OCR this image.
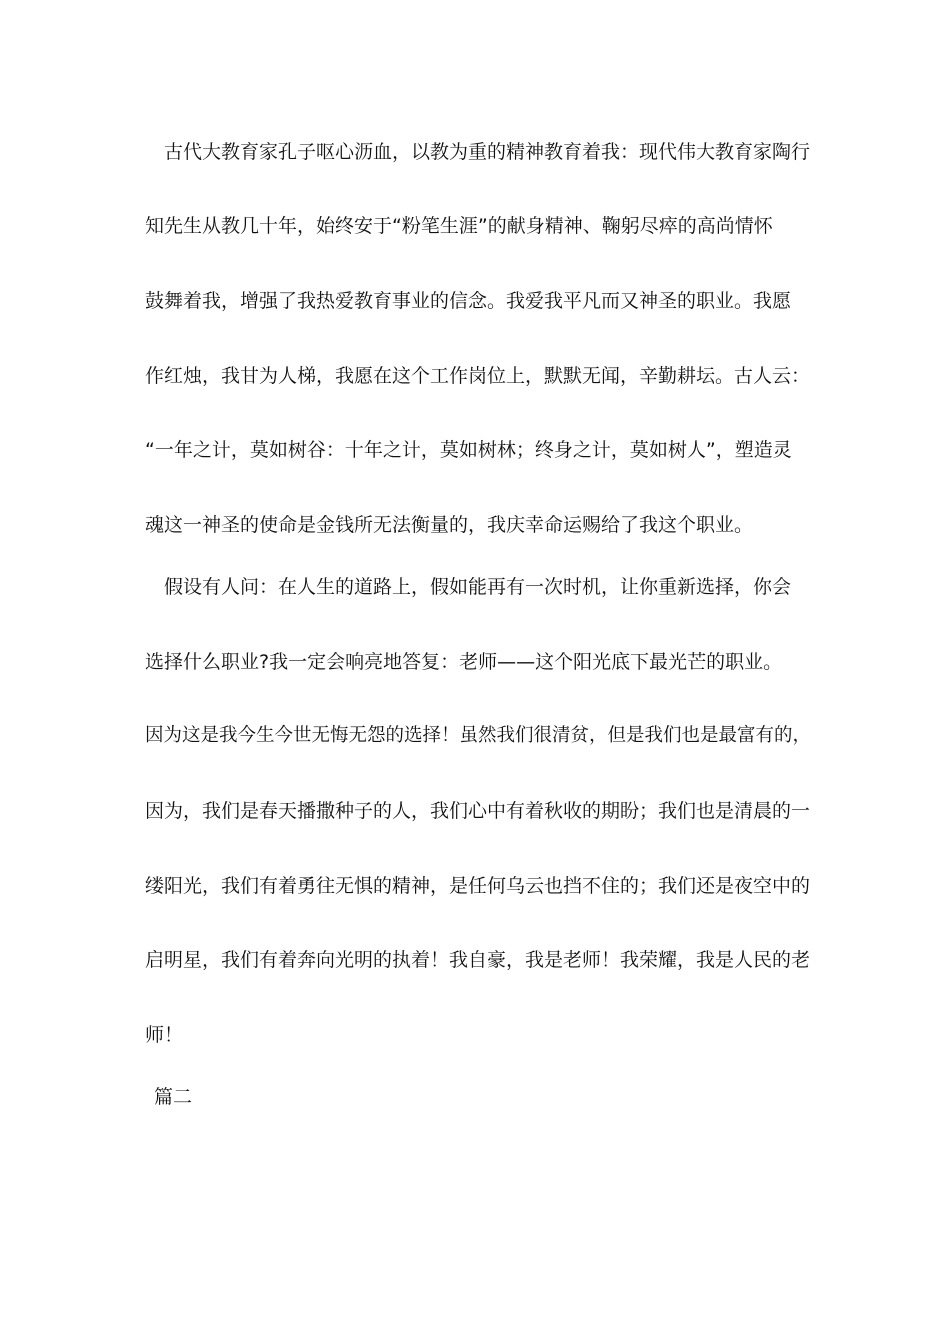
　古代大教育家孔子呕心沥血，以教为重的精神教育着我：现代伟大教育家陶行
知先生从教几十年，始终安于“粉笔生涯”的献身精神、鞠躬尽瘁的高尚情怀
鼓舞着我，增强了我热爱教育事业的信念。我爱我平凡而又神圣的职业。我愿
作红烛，我甘为人梯，我愿在这个工作岗位上，默默无闻，辛勤耕坛。古人云：
“一年之计，莫如树谷：十年之计，莫如树林；终身之计，莫如树人”，塑造灵
魂这一神圣的使命是金钱所无法衡量的，我庆幸命运赐给了我这个职业。
　假设有人问：在人生的道路上，假如能再有一次时机，让你重新选择，你会
选择什么职业?我一定会响亮地答复：老师——这个阳光底下最光芒的职业。
因为这是我今生今世无悔无怨的选择！虽然我们很清贫，但是我们也是最富有的，
因为，我们是春天播撒种子的人，我们心中有着秋收的期盼；我们也是清晨的一
缕阳光，我们有着勇往无惧的精神，是任何乌云也挡不住的；我们还是夜空中的
启明星，我们有着奔向光明的执着！我自豪，我是老师！我荣耀，我是人民的老
师！
篇二
